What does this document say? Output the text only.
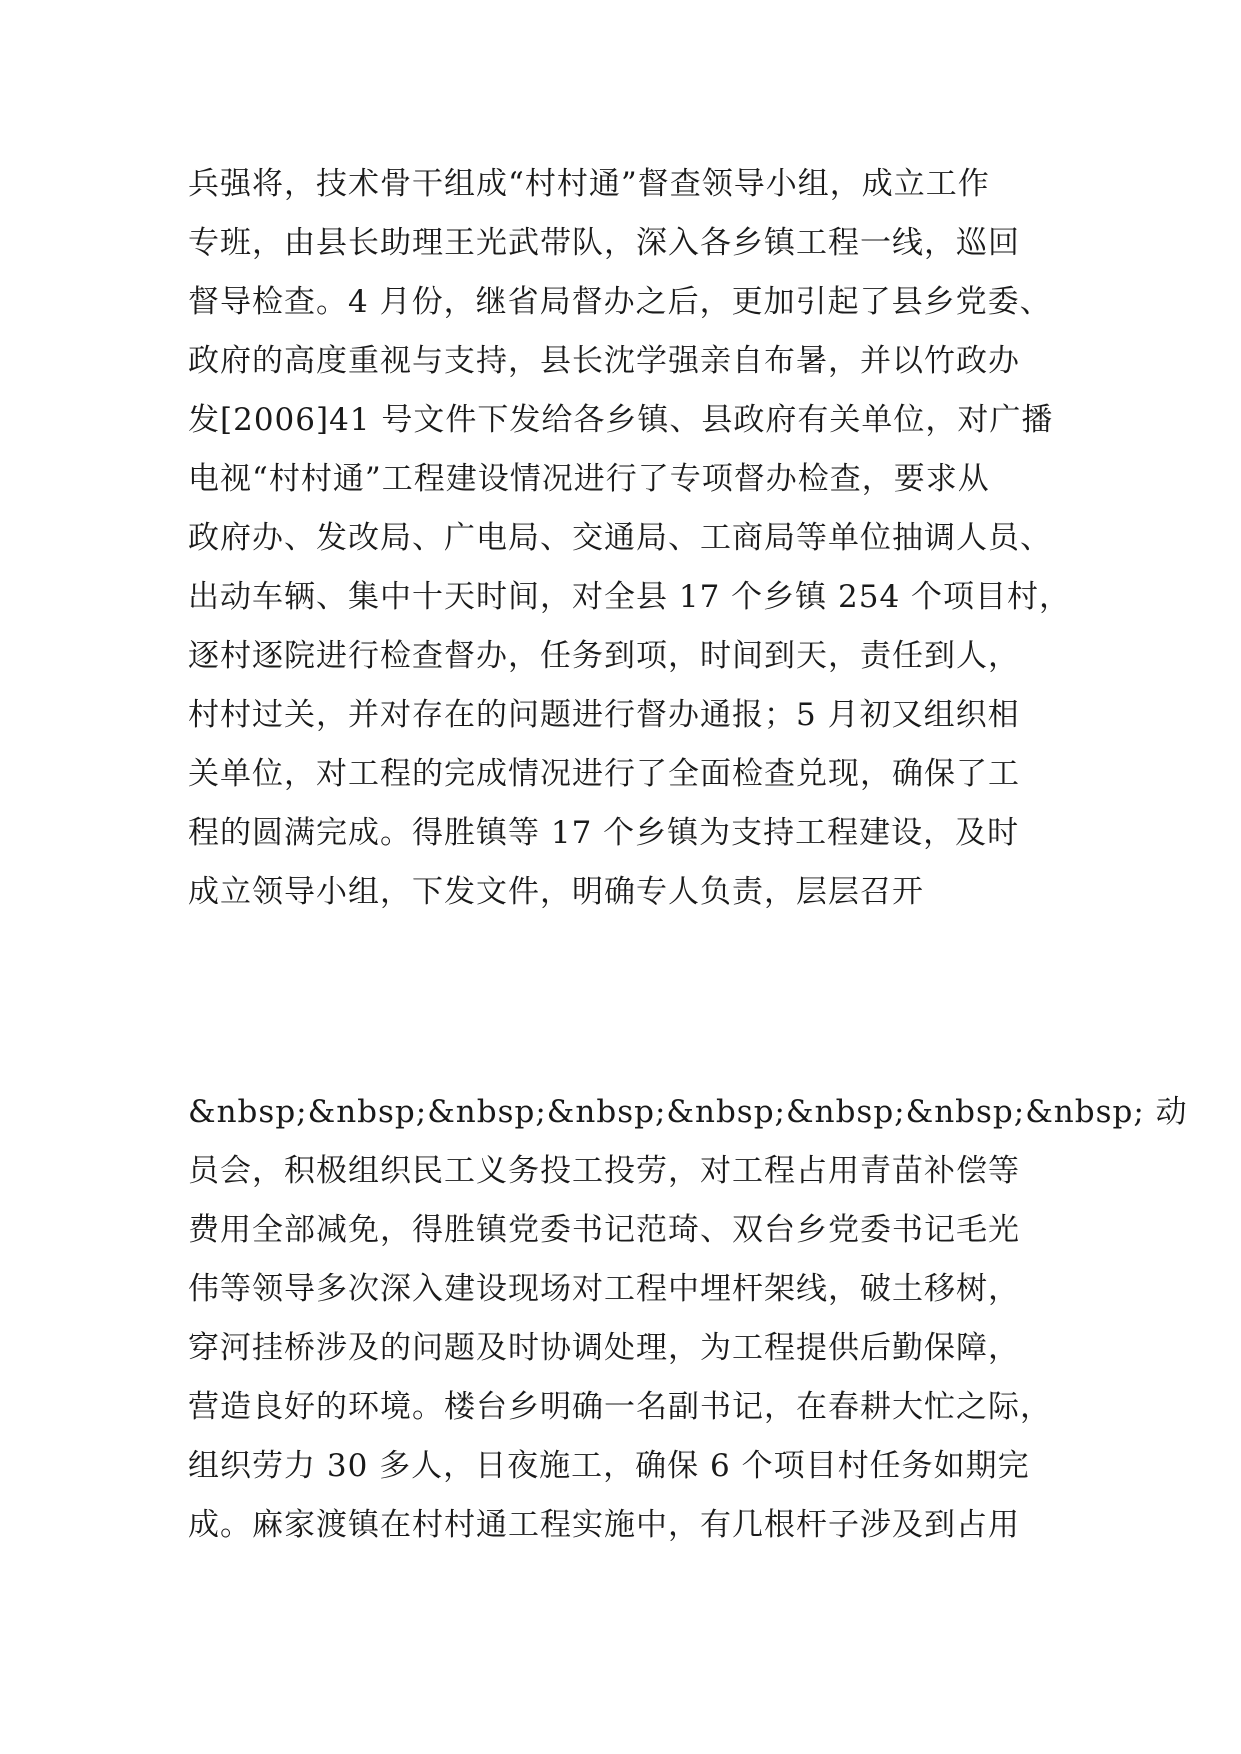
兵强将，技术骨干组成“村村通”督查领导小组，成立工作
专班，由县长助理王光武带队，深入各乡镇工程一线，巡回
督导检查。4 月份，继省局督办之后，更加引起了县乡党委、
政府的高度重视与支持，县长沈学强亲自布暑，并以竹政办
发[2006]41 号文件下发给各乡镇、县政府有关单位，对广播
电视“村村通”工程建设情况进行了专项督办检查，要求从
政府办、发改局、广电局、交通局、工商局等单位抽调人员、
出动车辆、集中十天时间，对全县 17 个乡镇 254 个项目村，
逐村逐院进行检查督办，任务到项，时间到天，责任到人，
村村过关，并对存在的问题进行督办通报；5 月初又组织相
关单位，对工程的完成情况进行了全面检查兑现，确保了工
程的圆满完成。得胜镇等 17 个乡镇为支持工程建设，及时
成立领导小组，下发文件，明确专人负责，层层召开
&nbsp;&nbsp;&nbsp;&nbsp;&nbsp;&nbsp;&nbsp;&nbsp; 动
员会，积极组织民工义务投工投劳，对工程占用青苗补偿等
费用全部减免，得胜镇党委书记范琦、双台乡党委书记毛光
伟等领导多次深入建设现场对工程中埋杆架线，破土移树，
穿河挂桥涉及的问题及时协调处理，为工程提供后勤保障，
营造良好的环境。楼台乡明确一名副书记，在春耕大忙之际，
组织劳力 30 多人，日夜施工，确保 6 个项目村任务如期完
成。麻家渡镇在村村通工程实施中，有几根杆子涉及到占用
